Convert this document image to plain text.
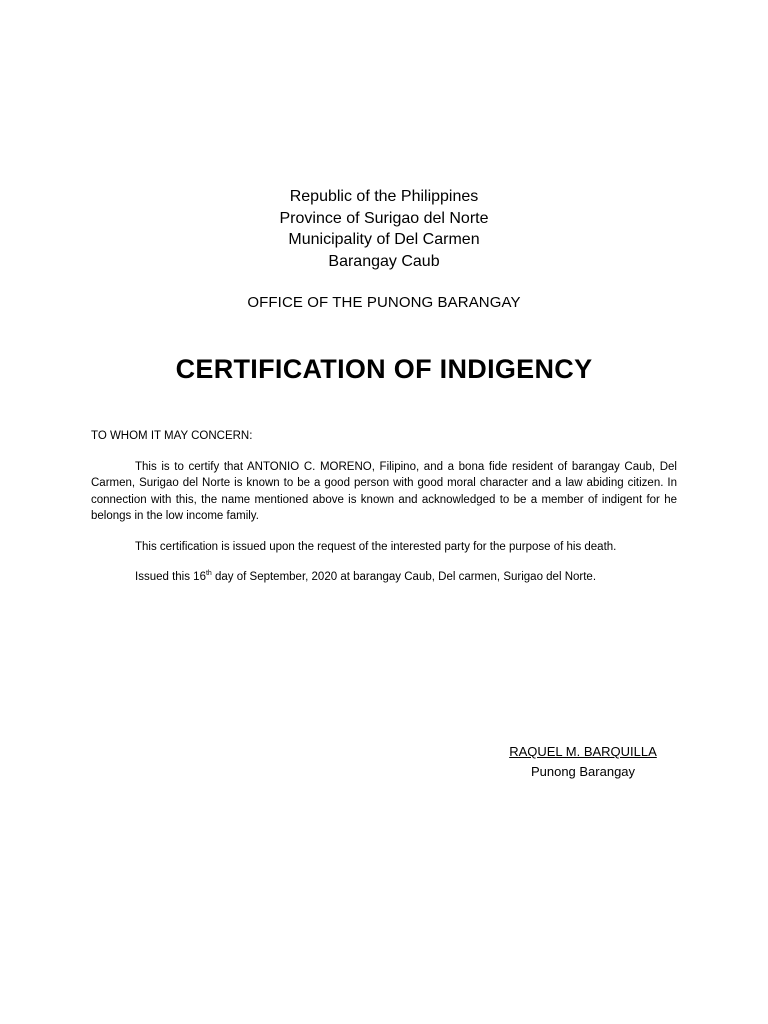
Republic of the Philippines
Province of Surigao del Norte
Municipality of Del Carmen
Barangay Caub
OFFICE OF THE PUNONG BARANGAY
CERTIFICATION OF INDIGENCY

TO WHOM IT MAY CONCERN:

This is to certify that ANTONIO C. MORENO, Filipino, and a bona fide resident of barangay Caub, Del Carmen, Surigao del Norte is known to be a good person with good moral character and a law abiding citizen. In connection with this, the name mentioned above is known and acknowledged to be a member of indigent for he belongs in the low income family.

This certification is issued upon the request of the interested party for the purpose of his death.

Issued this 16th day of September, 2020 at barangay Caub, Del carmen, Surigao del Norte.

RAQUEL M. BARQUILLA
Punong Barangay
